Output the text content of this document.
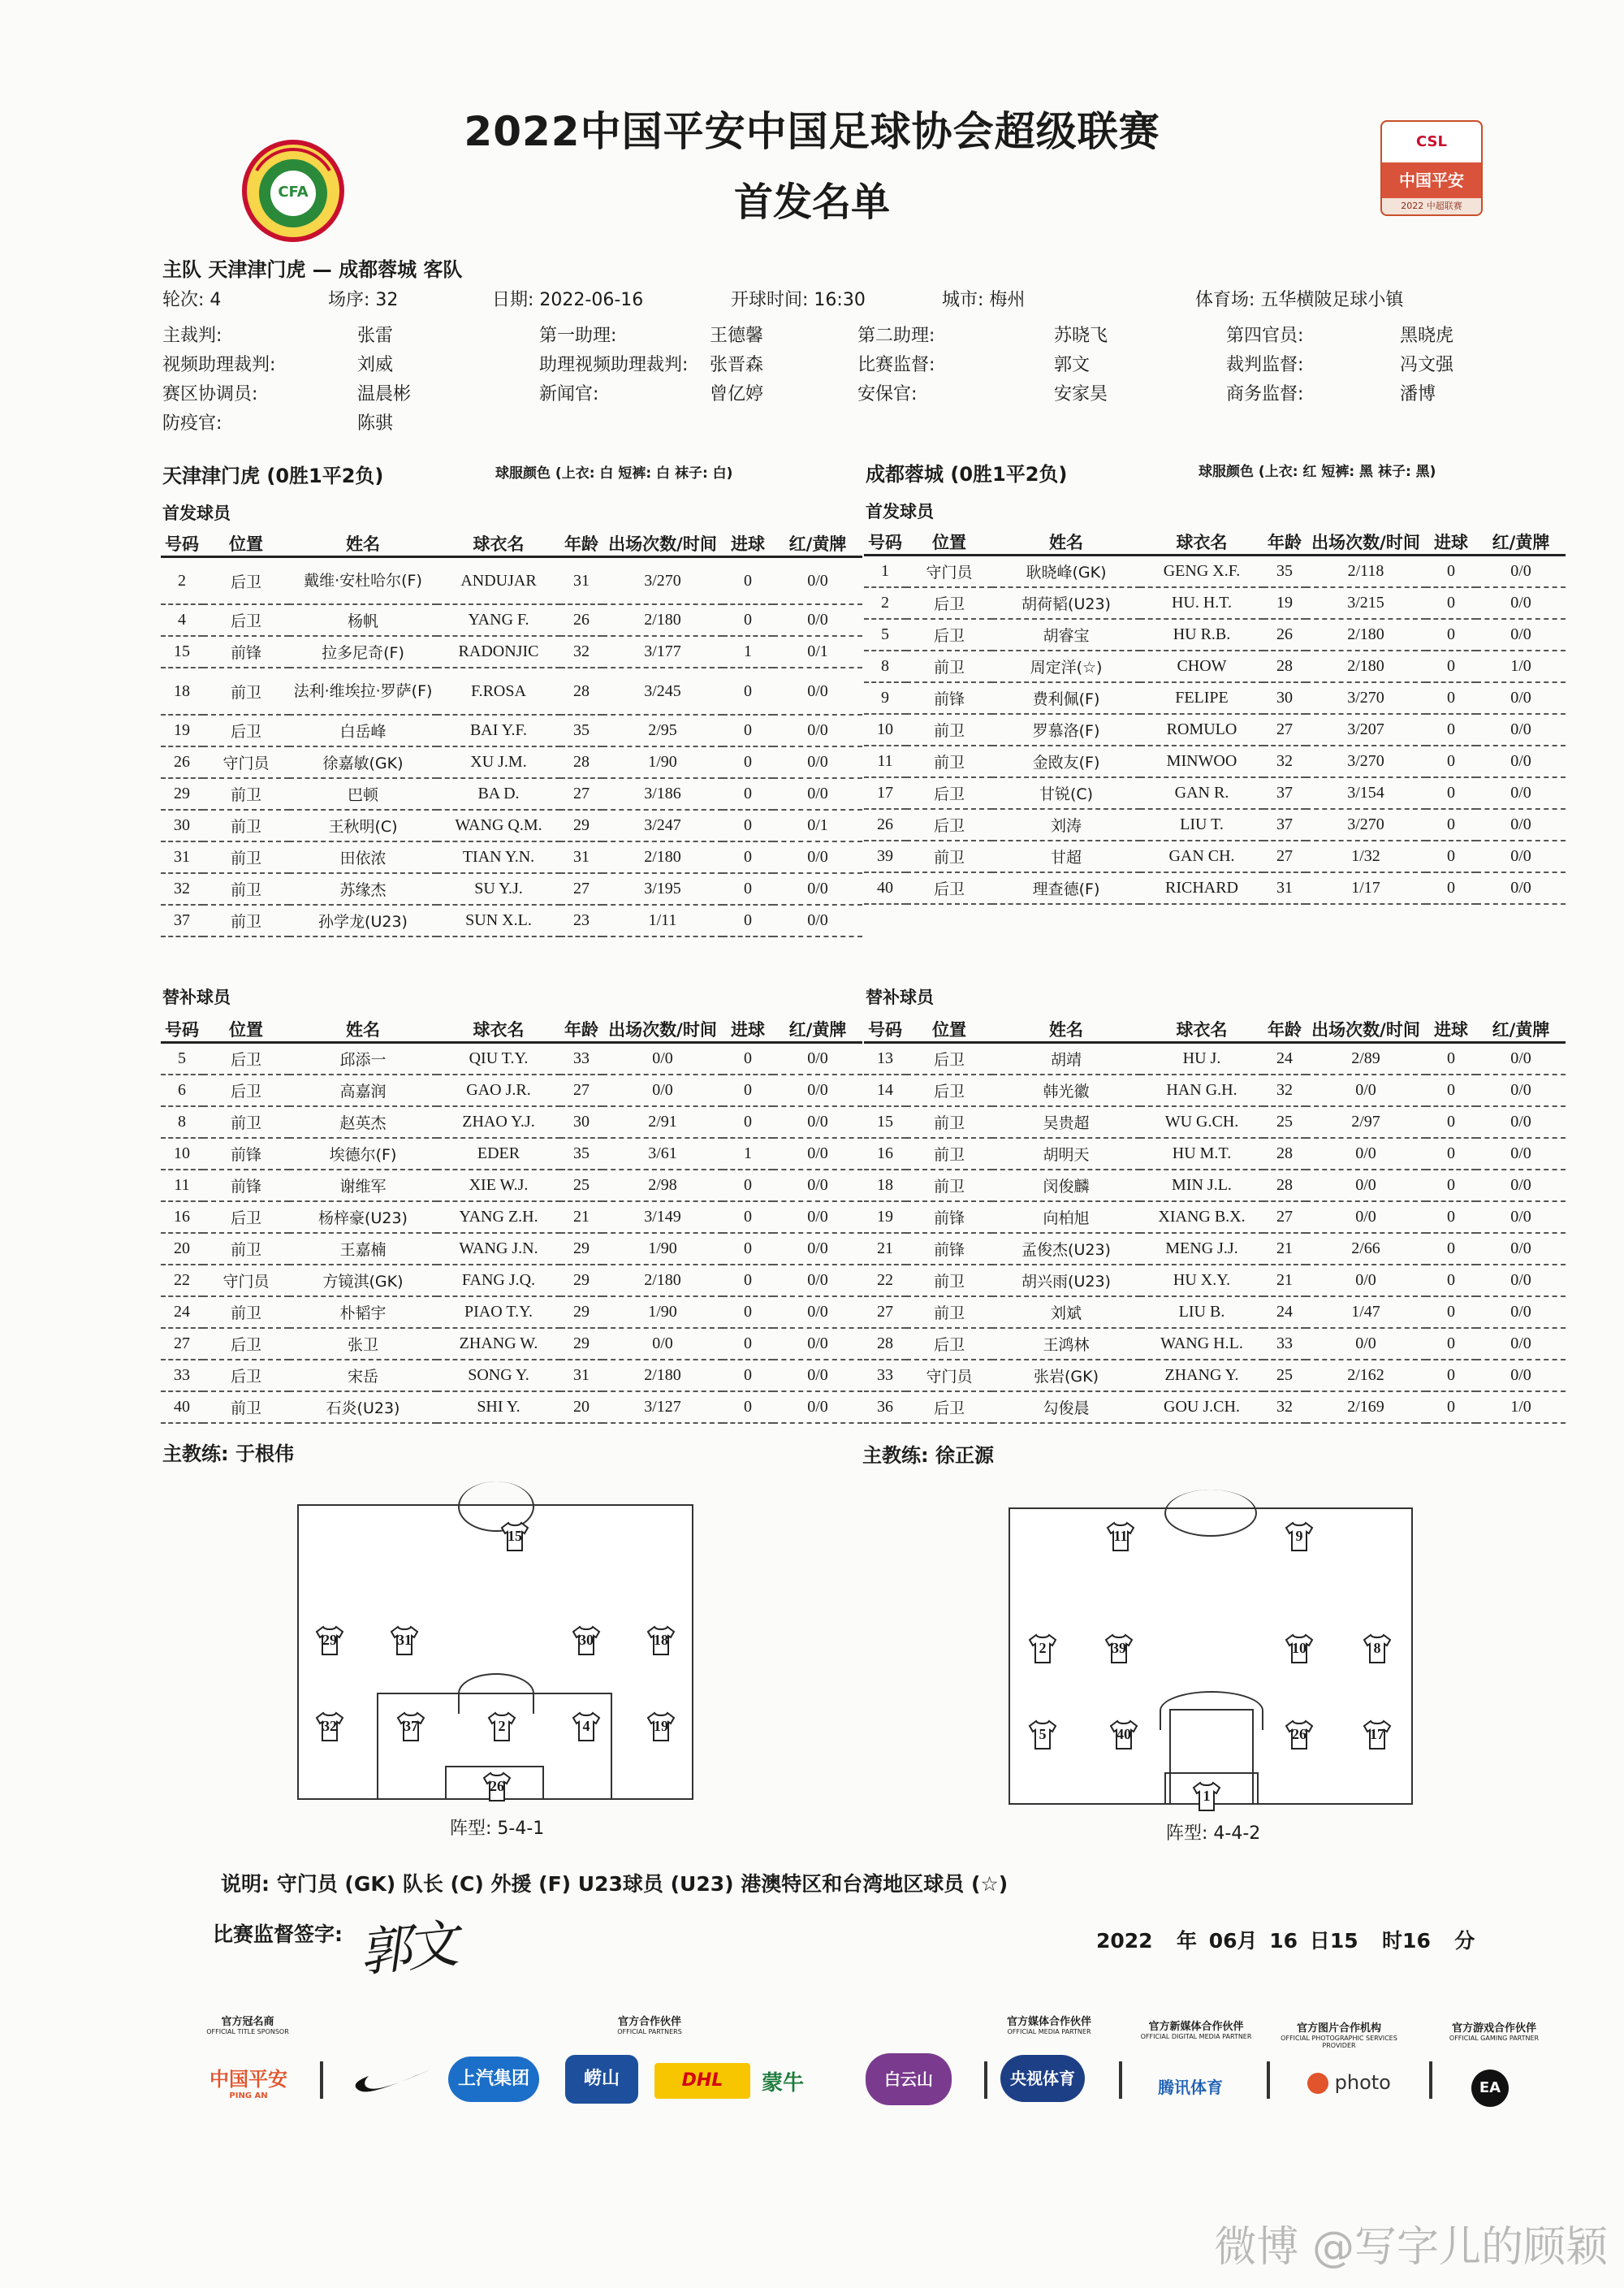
CFA
2022中国平安中国足球协会超级联赛
首发名单
CSL
中国平安
2022 中超联赛
主队 天津津门虎 — 成都蓉城 客队
轮次: 4	场序: 32	日期: 2022-06-16	开球时间: 16:30	城市: 梅州	体育场: 五华横陂足球小镇
主裁判:	张雷	第一助理:	王德馨	第二助理:	苏晓飞	第四官员:	黑晓虎
视频助理裁判:	刘威	助理视频助理裁判: 张晋森	比赛监督:	郭文	裁判监督:	冯文强
赛区协调员:	温晨彬	新闻官:	曾亿婷	安保官:	安家昊	商务监督:	潘博
防疫官:	陈骐
天津津门虎 (0胜1平2负)	球服颜色 (上衣: 白 短裤: 白 袜子: 白)	成都蓉城 (0胜1平2负)	球服颜色 (上衣: 红 短裤: 黑 袜子: 黑)
首发球员	首发球员
号码	位置	姓名	球衣名	年龄	出场次数/时间	进球	红/黄牌
2	后卫	戴维·安杜哈尔(F)	ANDUJAR	31	3/270	0	0/0
4	后卫	杨帆	YANG F.	26	2/180	0	0/0
15	前锋	拉多尼奇(F)	RADONJIC	32	3/177	1	0/1
18	前卫	法利·维埃拉·罗萨(F)	F.ROSA	28	3/245	0	0/0
19	后卫	白岳峰	BAI Y.F.	35	2/95	0	0/0
26	守门员	徐嘉敏(GK)	XU J.M.	28	1/90	0	0/0
29	前卫	巴顿	BA D.	27	3/186	0	0/0
30	前卫	王秋明(C)	WANG Q.M.	29	3/247	0	0/1
31	前卫	田依浓	TIAN Y.N.	31	2/180	0	0/0
32	前卫	苏缘杰	SU Y.J.	27	3/195	0	0/0
37	前卫	孙学龙(U23)	SUN X.L.	23	1/11	0	0/0
号码	位置	姓名	球衣名	年龄	出场次数/时间	进球	红/黄牌
1	守门员	耿晓峰(GK)	GENG X.F.	35	2/118	0	0/0
2	后卫	胡荷韬(U23)	HU. H.T.	19	3/215	0	0/0
5	后卫	胡睿宝	HU R.B.	26	2/180	0	0/0
8	前卫	周定洋(☆)	CHOW	28	2/180	0	1/0
9	前锋	费利佩(F)	FELIPE	30	3/270	0	0/0
10	前卫	罗慕洛(F)	ROMULO	27	3/207	0	0/0
11	前卫	金敃友(F)	MINWOO	32	3/270	0	0/0
17	后卫	甘锐(C)	GAN R.	37	3/154	0	0/0
26	后卫	刘涛	LIU T.	37	3/270	0	0/0
39	前卫	甘超	GAN CH.	27	1/32	0	0/0
40	后卫	理查德(F)	RICHARD	31	1/17	0	0/0
替补球员	替补球员
号码	位置	姓名	球衣名	年龄	出场次数/时间	进球	红/黄牌
5	后卫	邱添一	QIU T.Y.	33	0/0	0	0/0
6	后卫	高嘉润	GAO J.R.	27	0/0	0	0/0
8	前卫	赵英杰	ZHAO Y.J.	30	2/91	0	0/0
10	前锋	埃德尔(F)	EDER	35	3/61	1	0/0
11	前锋	谢维军	XIE W.J.	25	2/98	0	0/0
16	后卫	杨梓豪(U23)	YANG Z.H.	21	3/149	0	0/0
20	前卫	王嘉楠	WANG J.N.	29	1/90	0	0/0
22	守门员	方镜淇(GK)	FANG J.Q.	29	2/180	0	0/0
24	前卫	朴韬宇	PIAO T.Y.	29	1/90	0	0/0
27	后卫	张卫	ZHANG W.	29	0/0	0	0/0
33	后卫	宋岳	SONG Y.	31	2/180	0	0/0
40	前卫	石炎(U23)	SHI Y.	20	3/127	0	0/0
号码	位置	姓名	球衣名	年龄	出场次数/时间	进球	红/黄牌
13	后卫	胡靖	HU J.	24	2/89	0	0/0
14	后卫	韩光徽	HAN G.H.	32	0/0	0	0/0
15	前卫	吴贵超	WU G.CH.	25	2/97	0	0/0
16	前卫	胡明天	HU M.T.	28	0/0	0	0/0
18	前卫	闵俊麟	MIN J.L.	28	0/0	0	0/0
19	前锋	向柏旭	XIANG B.X.	27	0/0	0	0/0
21	前锋	孟俊杰(U23)	MENG J.J.	21	2/66	0	0/0
22	前卫	胡兴雨(U23)	HU X.Y.	21	0/0	0	0/0
27	前卫	刘斌	LIU B.	24	1/47	0	0/0
28	后卫	王鸿林	WANG H.L.	33	0/0	0	0/0
33	守门员	张岩(GK)	ZHANG Y.	25	2/162	0	0/0
36	后卫	勾俊晨	GOU J.CH.	32	2/169	0	1/0
主教练: 于根伟	主教练: 徐正源
15
29	31	30	18
32	37	2	4	19
26
阵型: 5-4-1
11	9
2	39	10	8
5	40	26	17
1
阵型: 4-4-2
说明: 守门员 (GK) 队长 (C) 外援 (F) U23球员 (U23) 港澳特区和台湾地区球员 (☆)
比赛监督签字: 郭文	2022 年 06月 16 日15 时16 分
官方冠名商
OFFICIAL TITLE SPONSOR
官方合作伙伴
OFFICIAL PARTNERS
官方媒体合作伙伴
OFFICIAL MEDIA PARTNER	官方新媒体合作伙伴
OFFICIAL DIGITAL MEDIA PARTNER
官方图片合作机构
OFFICIAL PHOTOGRAPHIC SERVICES PROVIDER
官方游戏合作伙伴
OFFICIAL GAMING PARTNER
中国平安
PING AN
上汽集团	崂山	DHL	蒙牛	白云山	央视体育	腾讯体育	photo	EA
微博 @写字儿的顾颖
